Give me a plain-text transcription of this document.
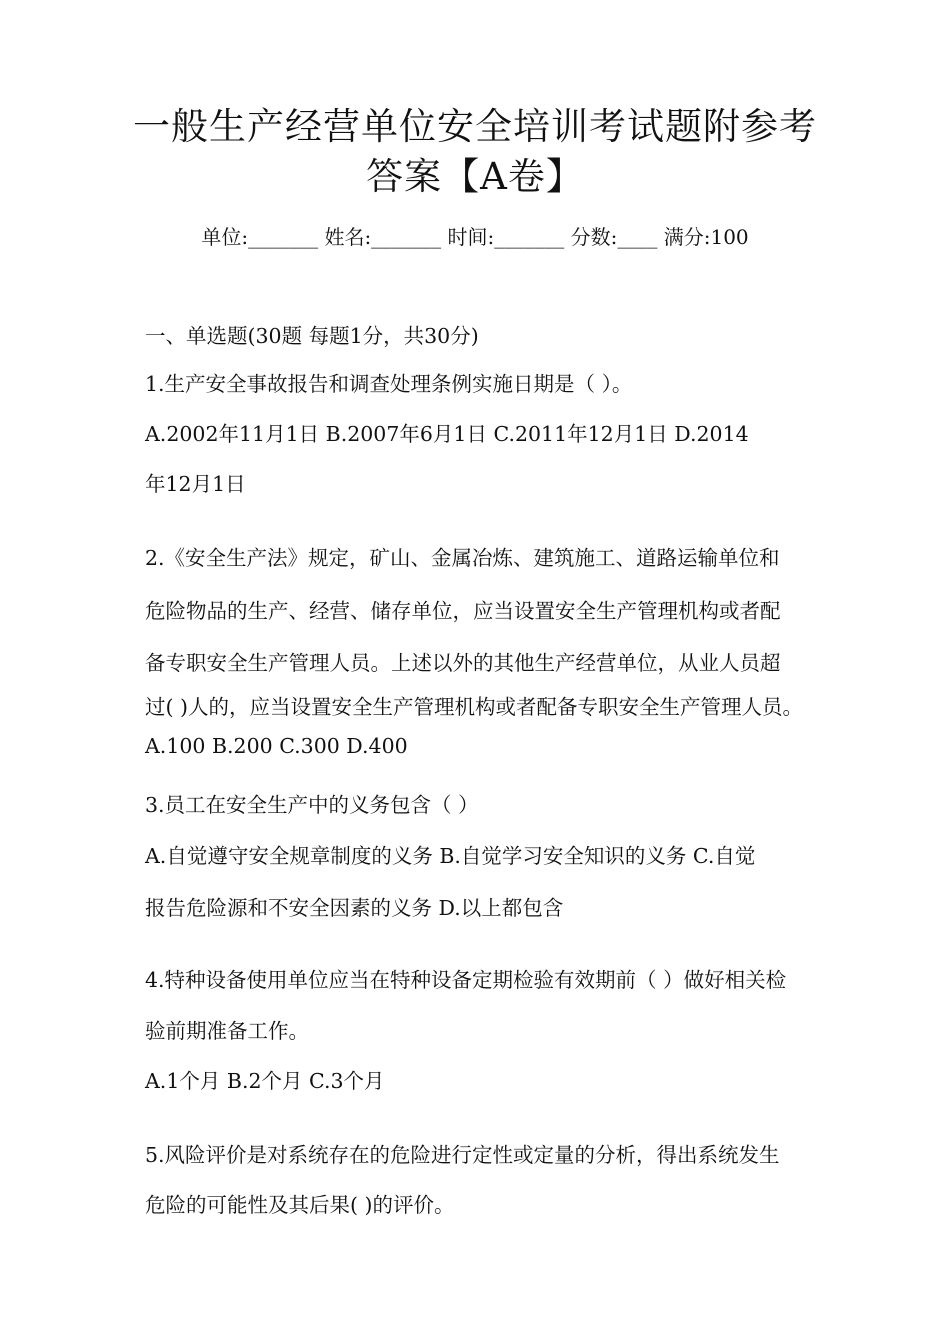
一般生产经营单位安全培训考试题附参考
答案【A卷】
单位:_______ 姓名:_______ 时间:_______ 分数:____ 满分:100
一、单选题(30题 每题1分，共30分)
1.生产安全事故报告和调查处理条例实施日期是（ ）。
A.2002年11月1日 B.2007年6月1日 C.2011年12月1日 D.2014
年12月1日
2.《安全生产法》规定，矿山、金属冶炼、建筑施工、道路运输单位和
危险物品的生产、经营、储存单位，应当设置安全生产管理机构或者配
备专职安全生产管理人员。上述以外的其他生产经营单位，从业人员超
过( )人的，应当设置安全生产管理机构或者配备专职安全生产管理人员。
A.100 B.200 C.300 D.400
3.员工在安全生产中的义务包含（ ）
A.自觉遵守安全规章制度的义务 B.自觉学习安全知识的义务 C.自觉
报告危险源和不安全因素的义务 D.以上都包含
4.特种设备使用单位应当在特种设备定期检验有效期前（ ）做好相关检
验前期准备工作。
A.1个月 B.2个月 C.3个月
5.风险评价是对系统存在的危险进行定性或定量的分析，得出系统发生
危险的可能性及其后果( )的评价。
